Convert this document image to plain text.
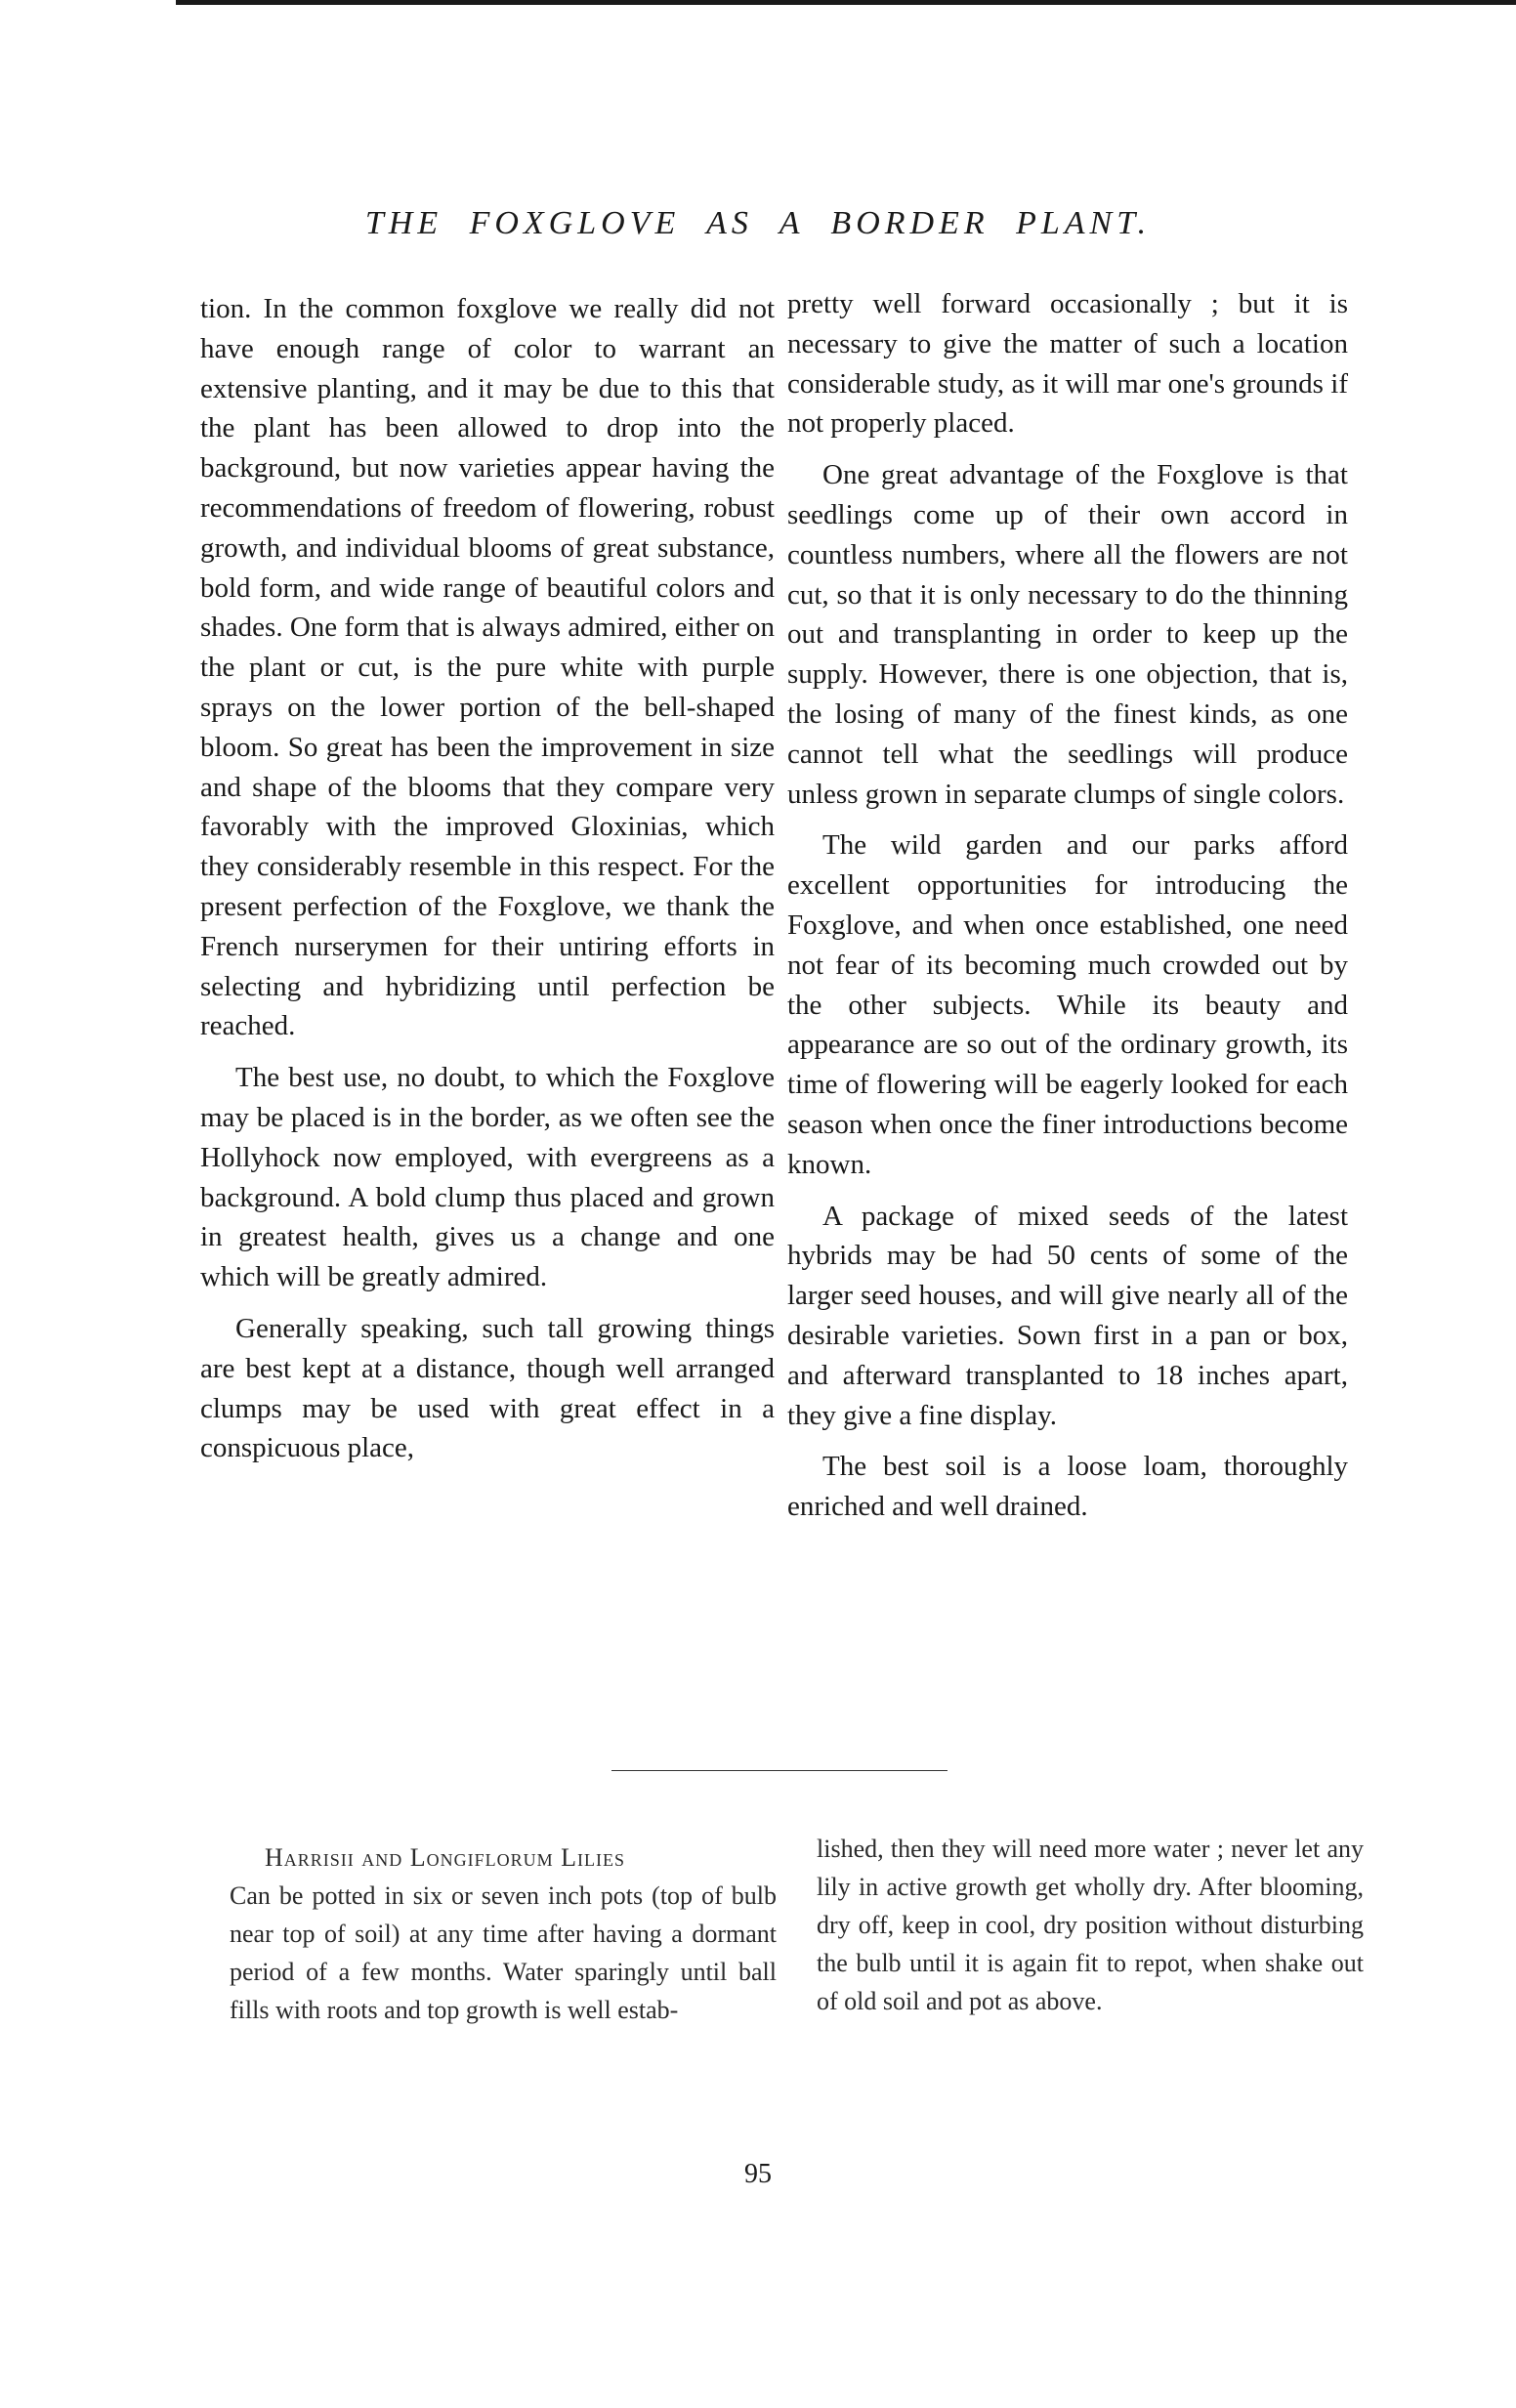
THE FOXGLOVE AS A BORDER PLANT.

tion. In the common foxglove we really did not have enough range of color to warrant an extensive planting, and it may be due to this that the plant has been allowed to drop into the background, but now varieties appear having the recommendations of freedom of flowering, robust growth, and individual blooms of great substance, bold form, and wide range of beautiful colors and shades. One form that is always admired, either on the plant or cut, is the pure white with purple sprays on the lower portion of the bell-shaped bloom. So great has been the improvement in size and shape of the blooms that they compare very favorably with the improved Gloxinias, which they considerably resemble in this respect. For the present perfection of the Foxglove, we thank the French nurserymen for their untiring efforts in selecting and hybridizing until perfection be reached.

The best use, no doubt, to which the Foxglove may be placed is in the border, as we often see the Hollyhock now employed, with evergreens as a background. A bold clump thus placed and grown in greatest health, gives us a change and one which will be greatly admired.

Generally speaking, such tall growing things are best kept at a distance, though well arranged clumps may be used with great effect in a conspicuous place,

pretty well forward occasionally ; but it is necessary to give the matter of such a location considerable study, as it will mar one's grounds if not properly placed.

One great advantage of the Foxglove is that seedlings come up of their own accord in countless numbers, where all the flowers are not cut, so that it is only necessary to do the thinning out and transplanting in order to keep up the supply. However, there is one objection, that is, the losing of many of the finest kinds, as one cannot tell what the seedlings will produce unless grown in separate clumps of single colors.

The wild garden and our parks afford excellent opportunities for introducing the Foxglove, and when once established, one need not fear of its becoming much crowded out by the other subjects. While its beauty and appearance are so out of the ordinary growth, its time of flowering will be eagerly looked for each season when once the finer introductions become known.

A package of mixed seeds of the latest hybrids may be had 50 cents of some of the larger seed houses, and will give nearly all of the desirable varieties. Sown first in a pan or box, and afterward transplanted to 18 inches apart, they give a fine display.

The best soil is a loose loam, thoroughly enriched and well drained.

Harrisii and Longiflorum Lilies

Can be potted in six or seven inch pots (top of bulb near top of soil) at any time after having a dormant period of a few months. Water sparingly until ball fills with roots and top growth is well estab-

lished, then they will need more water ; never let any lily in active growth get wholly dry. After blooming, dry off, keep in cool, dry position without disturbing the bulb until it is again fit to repot, when shake out of old soil and pot as above.

95
